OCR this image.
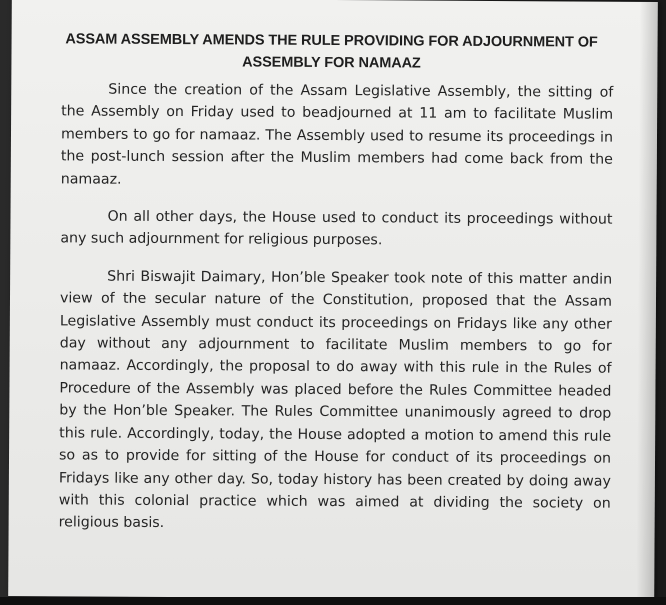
ASSAM ASSEMBLY AMENDS THE RULE PROVIDING FOR ADJOURNMENT OF ASSEMBLY FOR NAMAAZ

Since the creation of the Assam Legislative Assembly, the sitting of the Assembly on Friday used to beadjourned at 11 am to facilitate Muslim members to go for namaaz. The Assembly used to resume its proceedings in the post-lunch session after the Muslim members had come back from the namaaz.

On all other days, the House used to conduct its proceedings without any such adjournment for religious purposes.

Shri Biswajit Daimary, Hon’ble Speaker took note of this matter andin view of the secular nature of the Constitution, proposed that the Assam Legislative Assembly must conduct its proceedings on Fridays like any other day without any adjournment to facilitate Muslim members to go for namaaz. Accordingly, the proposal to do away with this rule in the Rules of Procedure of the Assembly was placed before the Rules Committee headed by the Hon’ble Speaker. The Rules Committee unanimously agreed to drop this rule. Accordingly, today, the House adopted a motion to amend this rule so as to provide for sitting of the House for conduct of its proceedings on Fridays like any other day. So, today history has been created by doing away with this colonial practice which was aimed at dividing the society on religious basis.
